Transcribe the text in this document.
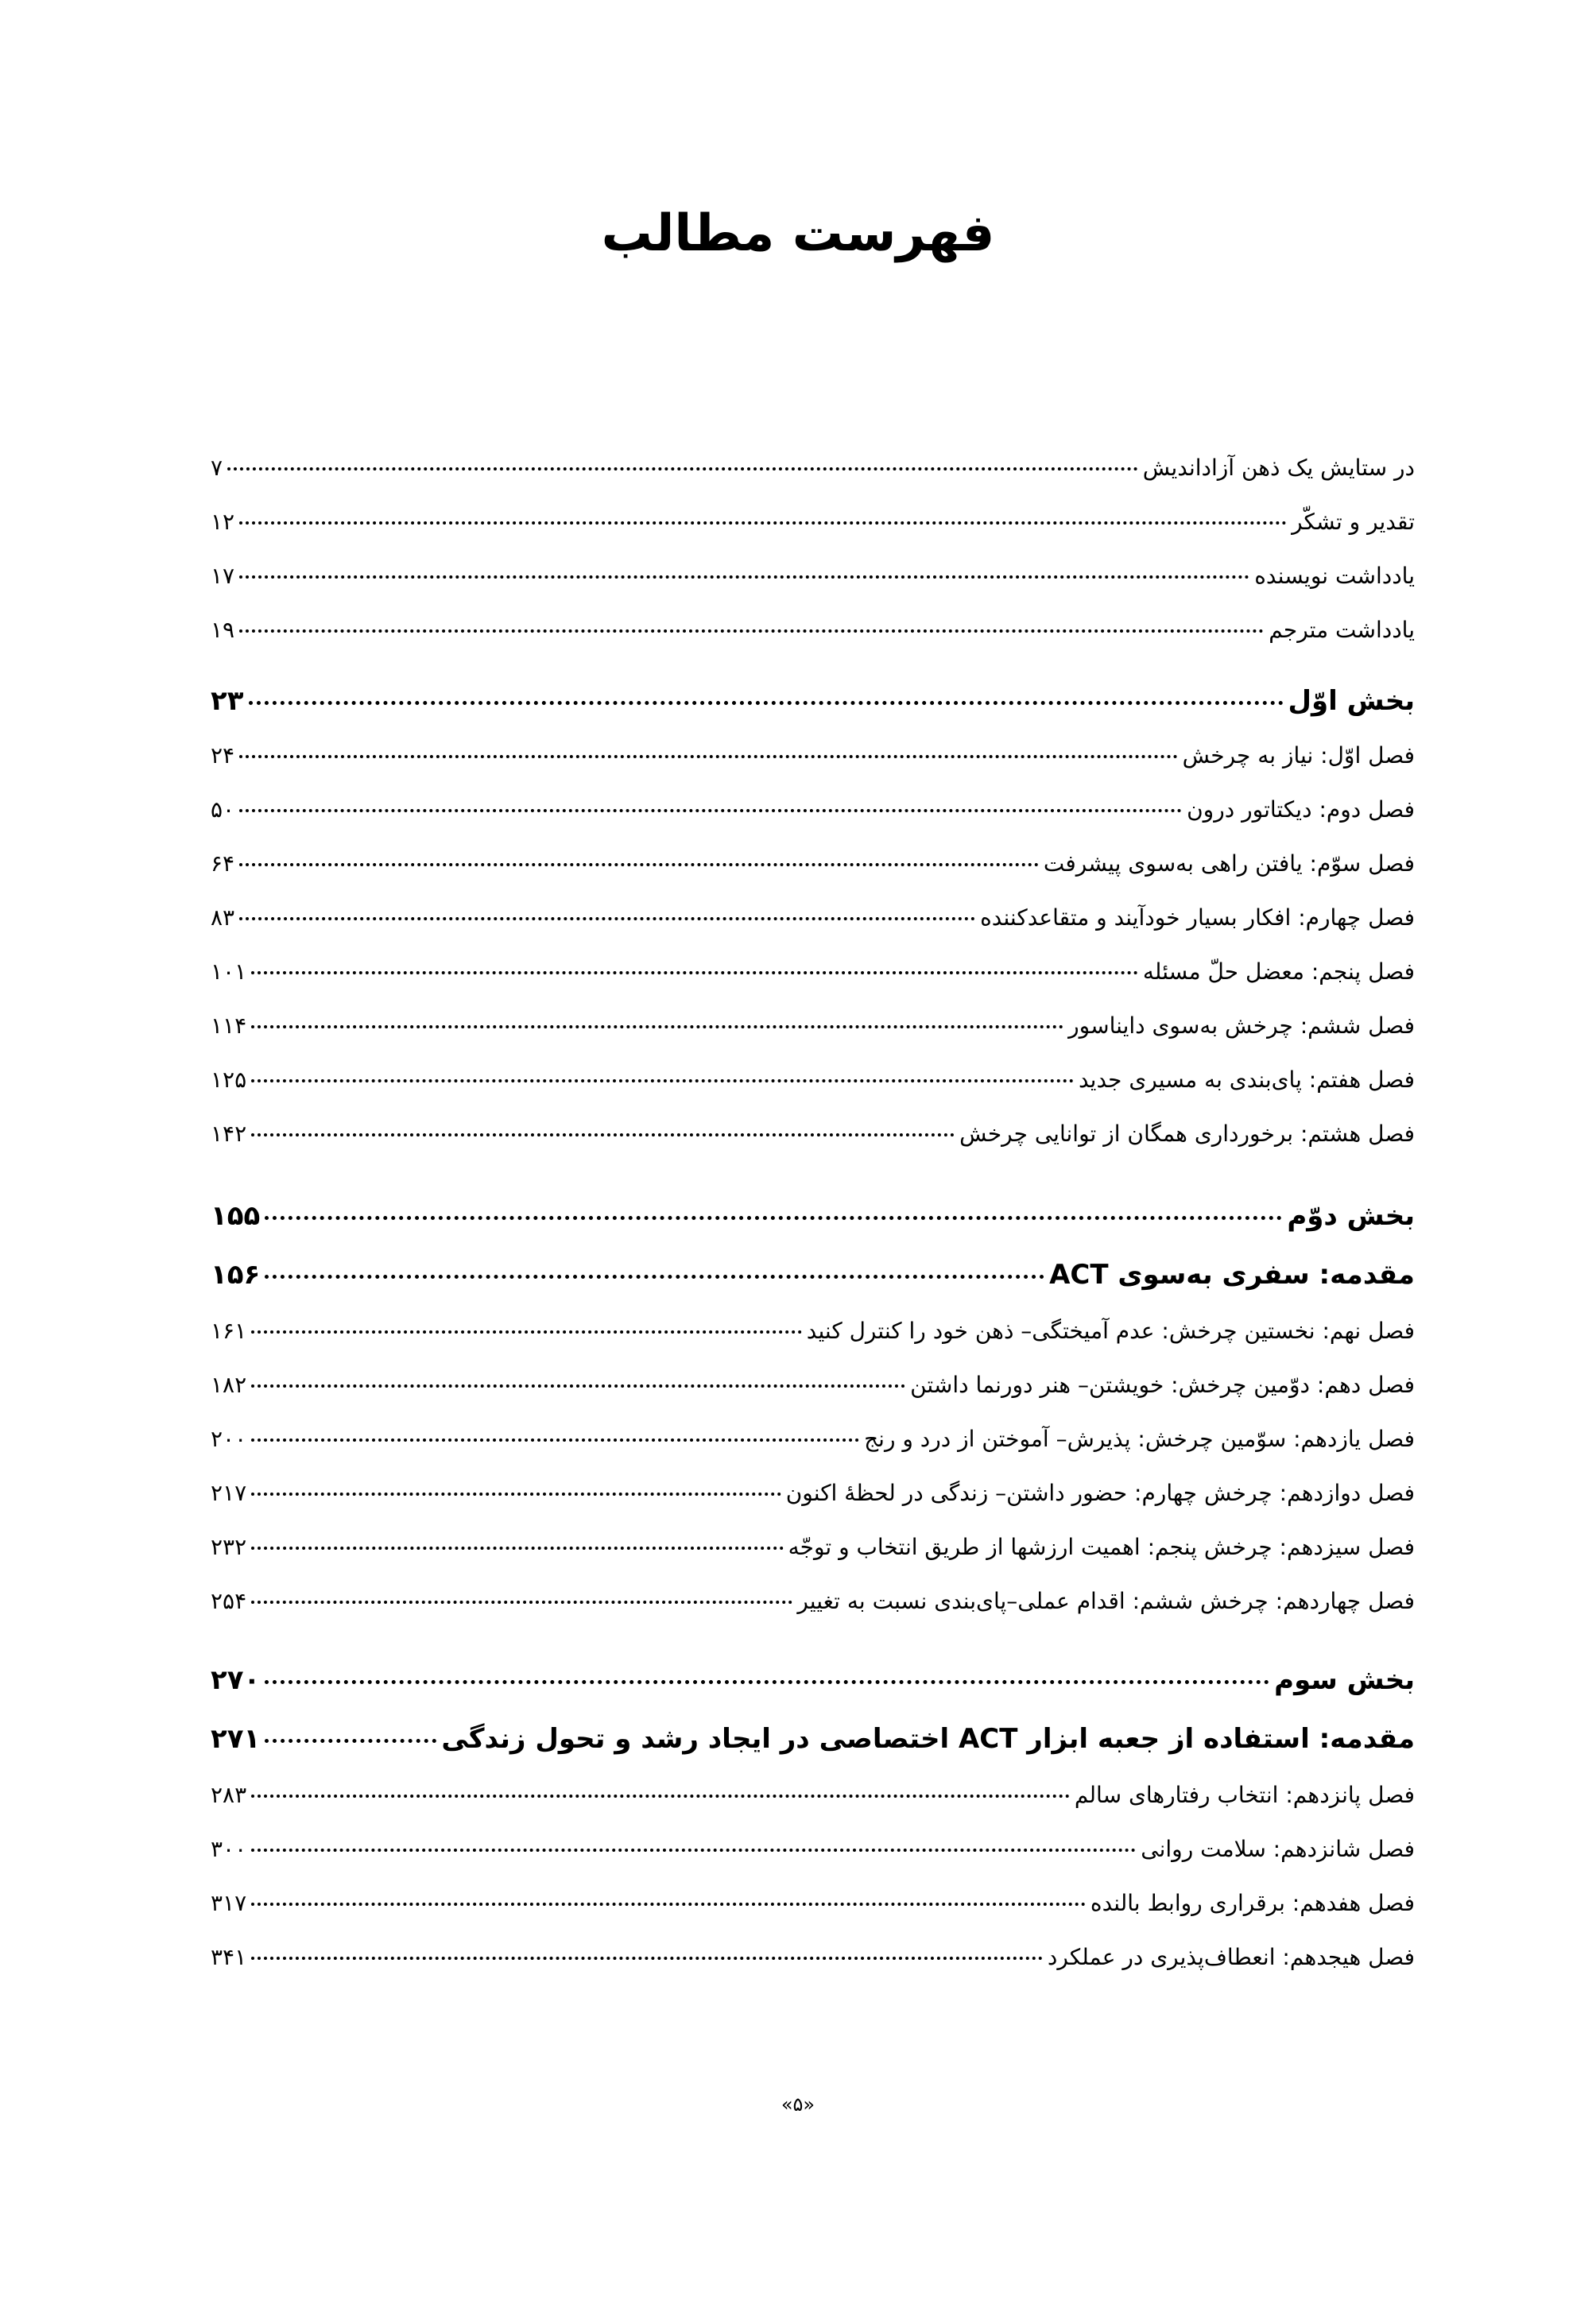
فهرست مطالب
در ستایش یک ذهن آزاداندیش
۷
تقدیر و تشکّر
۱۲
یادداشت نویسنده
۱۷
یادداشت مترجم
۱۹
بخش اوّل
۲۳
فصل اوّل: نیاز به چرخش
۲۴
فصل دوم: دیکتاتور درون
۵۰
فصل سوّم: یافتن راهی به‌سوی پیشرفت
۶۴
فصل چهارم: افکار بسیار خودآیند و متقاعدکننده
۸۳
فصل پنجم: معضل حلّ مسئله
۱۰۱
فصل ششم: چرخش به‌سوی دایناسور
۱۱۴
فصل هفتم: پای‌بندی به مسیری جدید
۱۲۵
فصل هشتم: برخورداری همگان از توانایی چرخش
۱۴۲
بخش دوّم
۱۵۵
مقدمه: سفری به‌سوی ACT
۱۵۶
فصل نهم: نخستین چرخش: عدم آمیختگی– ذهن خود را کنترل کنید
۱۶۱
فصل دهم: دوّمین چرخش: خویشتن– هنر دورنما داشتن
۱۸۲
فصل یازدهم: سوّمین چرخش: پذیرش– آموختن از درد و رنج
۲۰۰
فصل دوازدهم: چرخش چهارم: حضور داشتن– زندگی در لحظهٔ اکنون
۲۱۷
فصل سیزدهم: چرخش پنجم: اهمیت ارزشها از طریق انتخاب و توجّه
۲۳۲
فصل چهاردهم: چرخش ششم: اقدام عملی–پای‌بندی نسبت به تغییر
۲۵۴
بخش سوم
۲۷۰
مقدمه: استفاده از جعبه ابزار ACT اختصاصی در ایجاد رشد و تحول زندگی
۲۷۱
فصل پانزدهم: انتخاب رفتارهای سالم
۲۸۳
فصل شانزدهم: سلامت روانی
۳۰۰
فصل هفدهم: برقراری روابط بالنده
۳۱۷
فصل هیجدهم: انعطاف‌پذیری در عملکرد
۳۴۱
«۵»
